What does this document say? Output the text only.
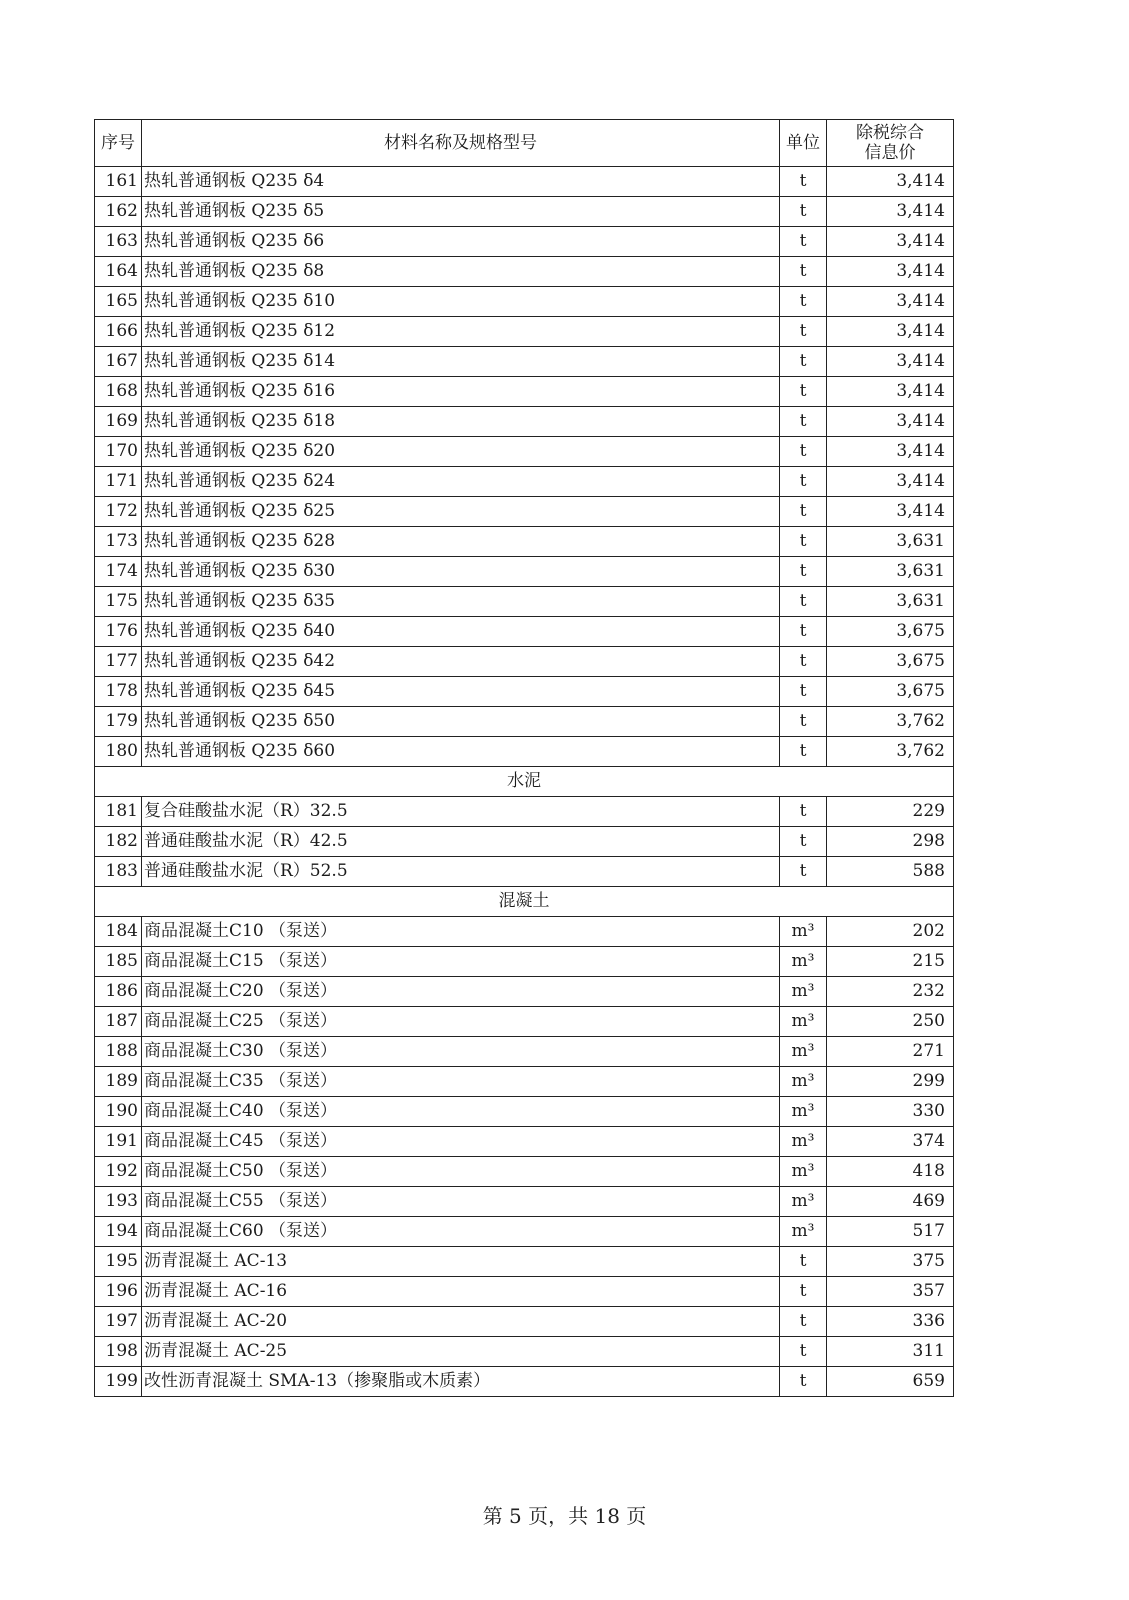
序号	材料名称及规格型号	单位	除税综合
信息价

161	热轧普通钢板 Q235 δ4	t	3,414
162	热轧普通钢板 Q235 δ5	t	3,414
163	热轧普通钢板 Q235 δ6	t	3,414
164	热轧普通钢板 Q235 δ8	t	3,414
165	热轧普通钢板 Q235 δ10	t	3,414
166	热轧普通钢板 Q235 δ12	t	3,414
167	热轧普通钢板 Q235 δ14	t	3,414
168	热轧普通钢板 Q235 δ16	t	3,414
169	热轧普通钢板 Q235 δ18	t	3,414
170	热轧普通钢板 Q235 δ20	t	3,414
171	热轧普通钢板 Q235 δ24	t	3,414
172	热轧普通钢板 Q235 δ25	t	3,414
173	热轧普通钢板 Q235 δ28	t	3,631
174	热轧普通钢板 Q235 δ30	t	3,631
175	热轧普通钢板 Q235 δ35	t	3,631
176	热轧普通钢板 Q235 δ40	t	3,675
177	热轧普通钢板 Q235 δ42	t	3,675
178	热轧普通钢板 Q235 δ45	t	3,675
179	热轧普通钢板 Q235 δ50	t	3,762
180	热轧普通钢板 Q235 δ60	t	3,762
水泥			
181	复合硅酸盐水泥（R）32.5	t	229
182	普通硅酸盐水泥（R）42.5	t	298
183	普通硅酸盐水泥（R）52.5	t	588
混凝土			
184	商品混凝土C10 （泵送）	m³	202
185	商品混凝土C15 （泵送）	m³	215
186	商品混凝土C20 （泵送）	m³	232
187	商品混凝土C25 （泵送）	m³	250
188	商品混凝土C30 （泵送）	m³	271
189	商品混凝土C35 （泵送）	m³	299
190	商品混凝土C40 （泵送）	m³	330
191	商品混凝土C45 （泵送）	m³	374
192	商品混凝土C50 （泵送）	m³	418
193	商品混凝土C55 （泵送）	m³	469
194	商品混凝土C60 （泵送）	m³	517
195	沥青混凝土 AC-13	t	375
196	沥青混凝土 AC-16	t	357
197	沥青混凝土 AC-20	t	336
198	沥青混凝土 AC-25	t	311
199	改性沥青混凝土 SMA-13（掺聚脂或木质素）	t	659
第 5 页，共 18 页
